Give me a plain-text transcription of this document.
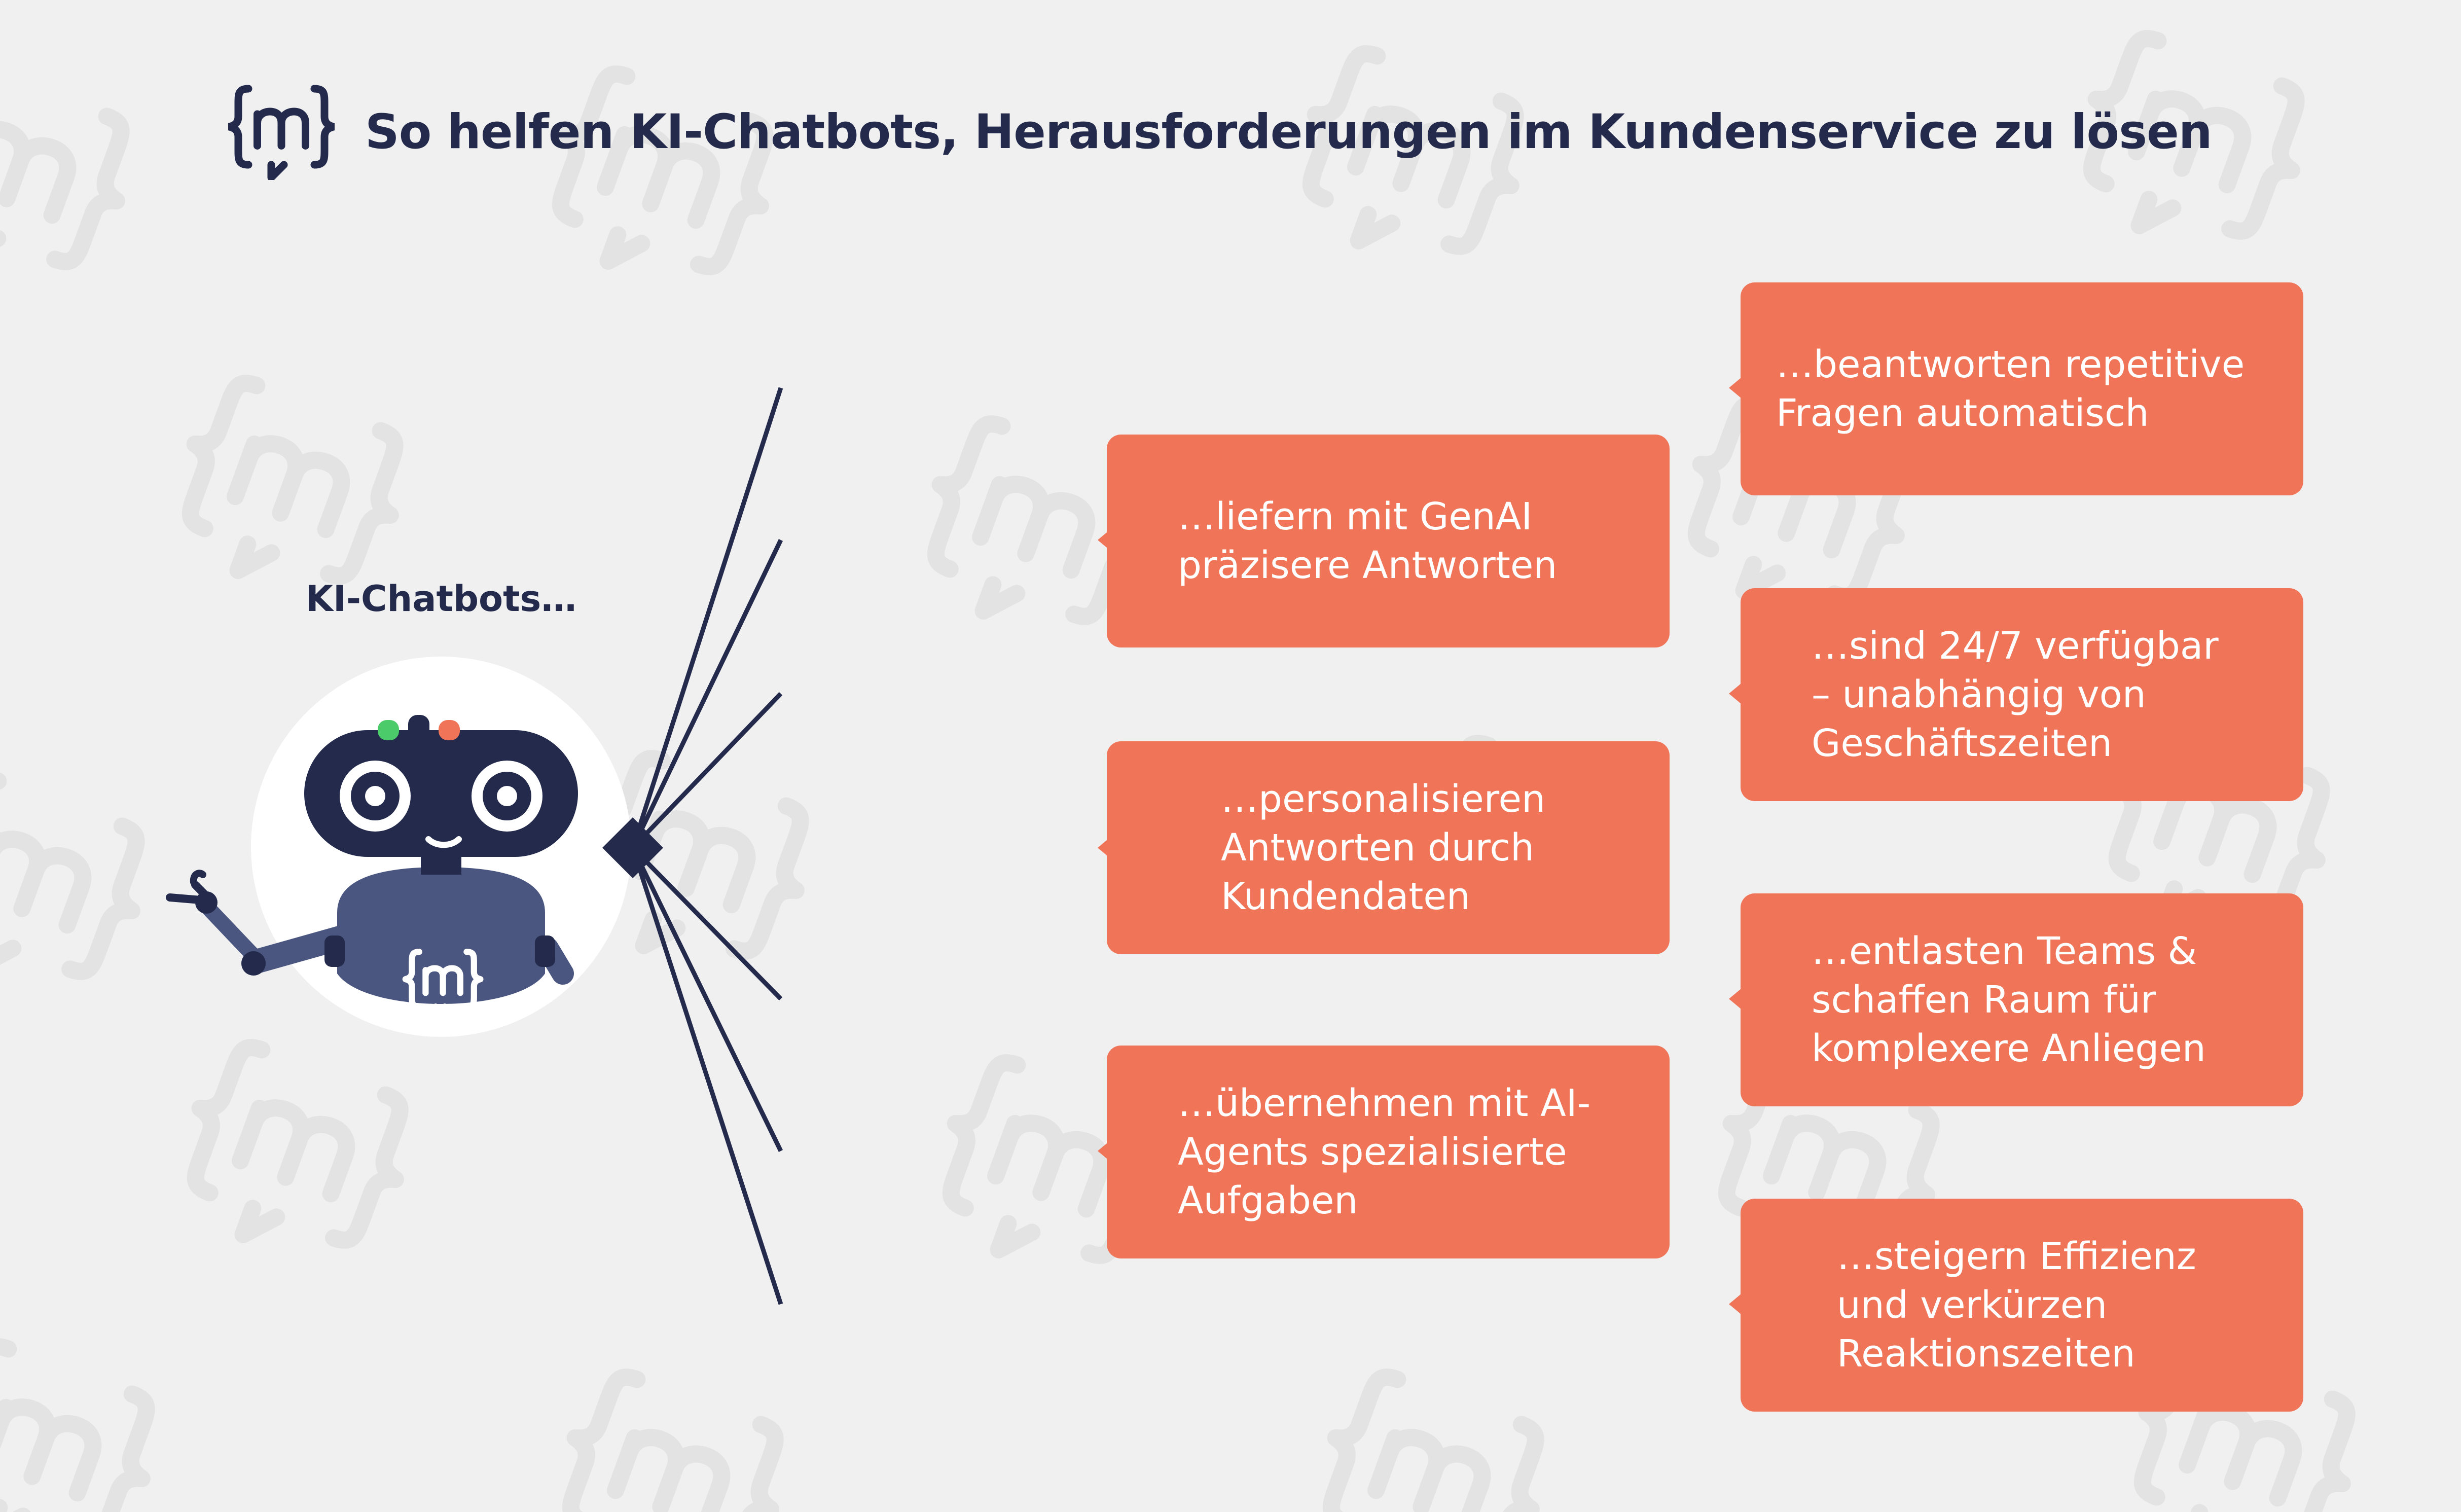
So helfen KI-Chatbots, Herausforderungen im Kundenservice zu lösen
KI-Chatbots…
…beantworten repetitive
Fragen automatisch
…liefern mit GenAI
präzisere Antworten
…sind 24/7 verfügbar
– unabhängig von
Geschäftszeiten
…personalisieren
Antworten durch
Kundendaten
…entlasten Teams &
schaffen Raum für
komplexere Anliegen
…übernehmen mit AI-
Agents spezialisierte
Aufgaben
…steigern Effizienz
und verkürzen
Reaktionszeiten
